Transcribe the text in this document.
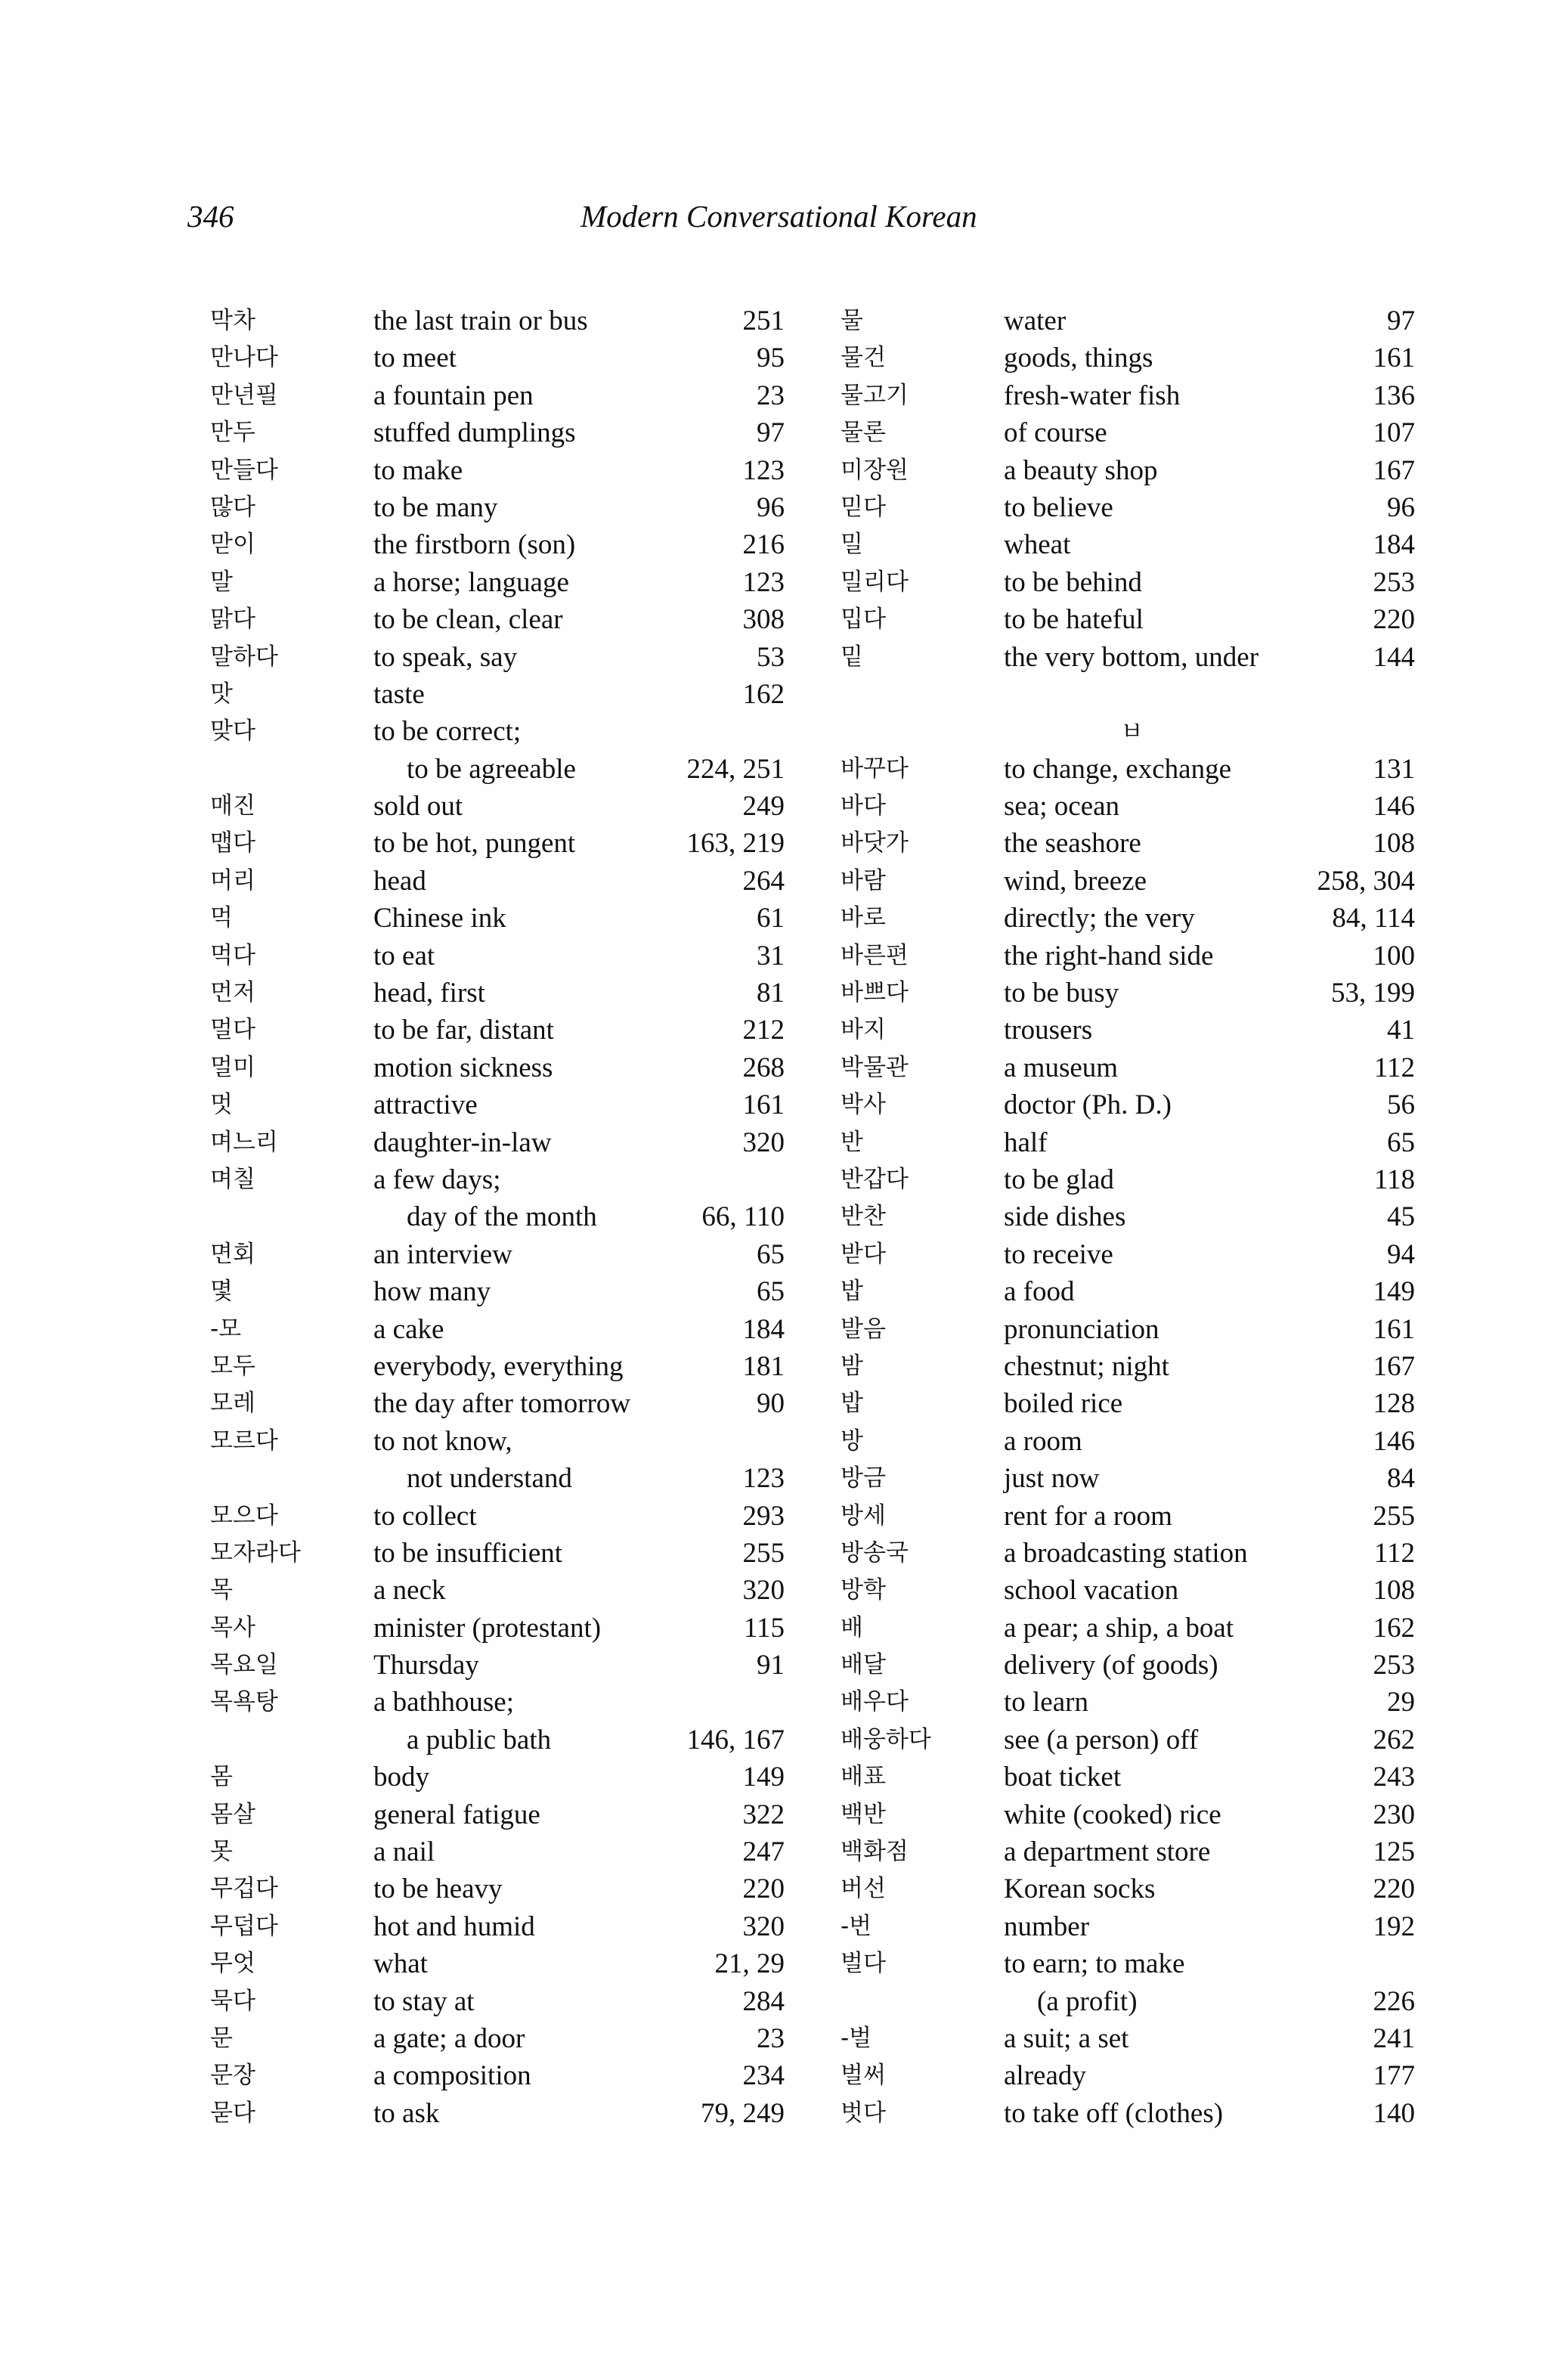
346	Modern Conversational Korean
막차	the last train or bus	251
만나다	to meet	95
만년필	a fountain pen	23
만두	stuffed dumplings	97
만들다	to make	123
많다	to be many	96
맏이	the firstborn (son)	216
말	a horse; language	123
맑다	to be clean, clear	308
말하다	to speak, say	53
맛	taste	162
맞다	to be correct;
to be agreeable	224, 251
매진	sold out	249
맵다	to be hot, pungent	163, 219
머리	head	264
먹	Chinese ink	61
먹다	to eat	31
먼저	head, first	81
멀다	to be far, distant	212
멀미	motion sickness	268
멋	attractive	161
며느리	daughter-in-law	320
며칠	a few days;
day of the month	66, 110
면회	an interview	65
몇	how many	65
-모	a cake	184
모두	everybody, everything	181
모레	the day after tomorrow	90
모르다	to not know,
not understand	123
모으다	to collect	293
모자라다	to be insufficient	255
목	a neck	320
목사	minister (protestant)	115
목요일	Thursday	91
목욕탕	a bathhouse;
a public bath	146, 167
몸	body	149
몸살	general fatigue	322
못	a nail	247
무겁다	to be heavy	220
무덥다	hot and humid	320
무엇	what	21, 29
묵다	to stay at	284
문	a gate; a door	23
문장	a composition	234
묻다	to ask	79, 249
물	water	97
물건	goods, things	161
물고기	fresh-water fish	136
물론	of course	107
미장원	a beauty shop	167
믿다	to believe	96
밀	wheat	184
밀리다	to be behind	253
밉다	to be hateful	220
밑	the very bottom, under	144
ㅂ
바꾸다	to change, exchange	131
바다	sea; ocean	146
바닷가	the seashore	108
바람	wind, breeze	258, 304
바로	directly; the very	84, 114
바른편	the right-hand side	100
바쁘다	to be busy	53, 199
바지	trousers	41
박물관	a museum	112
박사	doctor (Ph. D.)	56
반	half	65
반갑다	to be glad	118
반찬	side dishes	45
받다	to receive	94
밥	a food	149
발음	pronunciation	161
밤	chestnut; night	167
밥	boiled rice	128
방	a room	146
방금	just now	84
방세	rent for a room	255
방송국	a broadcasting station	112
방학	school vacation	108
배	a pear; a ship, a boat	162
배달	delivery (of goods)	253
배우다	to learn	29
배웅하다	see (a person) off	262
배표	boat ticket	243
백반	white (cooked) rice	230
백화점	a department store	125
버선	Korean socks	220
-번	number	192
벌다	to earn; to make
(a profit)	226
-벌	a suit; a set	241
벌써	already	177
벗다	to take off (clothes)	140
